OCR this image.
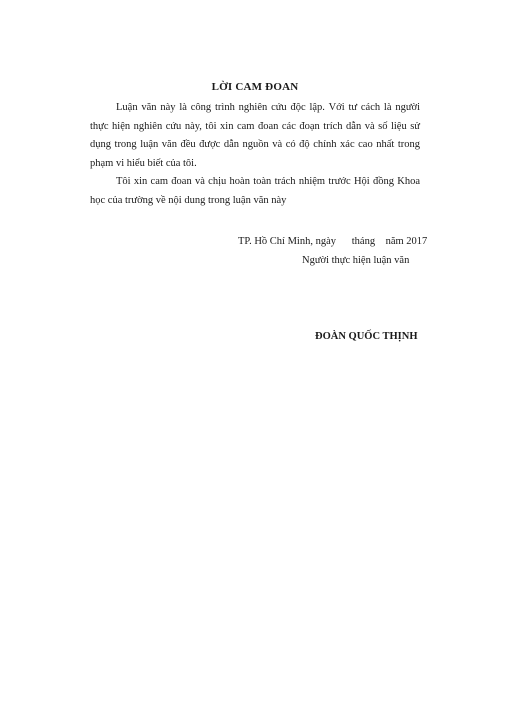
LỜI CAM ĐOAN

Luận văn này là công trình nghiên cứu độc lập. Với tư cách là người thực hiện nghiên cứu này, tôi xin cam đoan các đoạn trích dẫn và số liệu sử dụng trong luận văn đều được dẫn nguồn và có độ chính xác cao nhất trong phạm vi hiểu biết của tôi.

Tôi xin cam đoan và chịu hoàn toàn trách nhiệm trước Hội đồng Khoa học của trường về nội dung trong luận văn này

TP. Hồ Chí Minh, ngày      tháng    năm 2017

Người thực hiện luận văn

ĐOÀN QUỐC THỊNH
